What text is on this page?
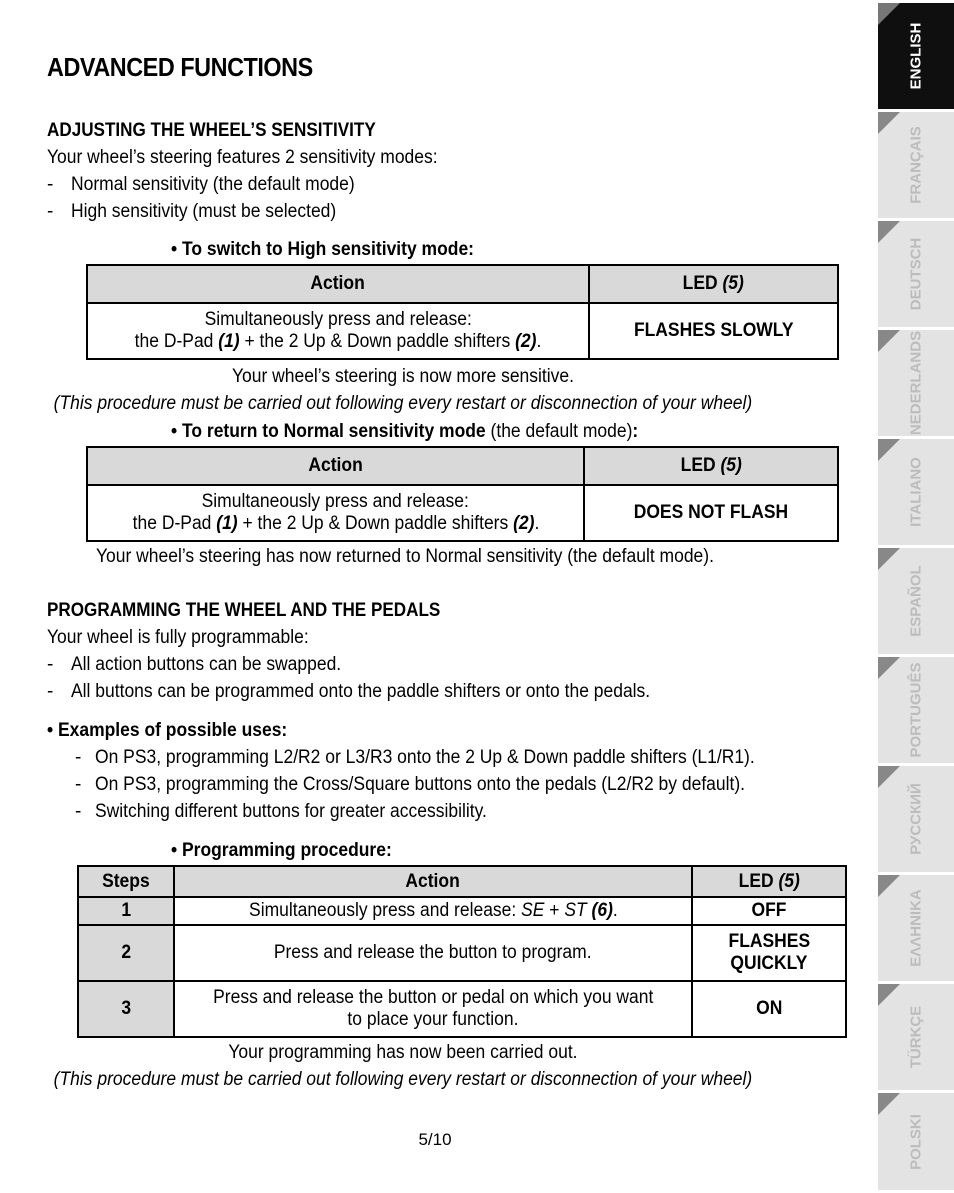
ADVANCED FUNCTIONS
ADJUSTING THE WHEEL’S SENSITIVITY
Your wheel’s steering features 2 sensitivity modes:
- Normal sensitivity (the default mode)
- High sensitivity (must be selected)
• To switch to High sensitivity mode:
Action	LED (5)
Simultaneously press and release:
the D-Pad (1) + the 2 Up & Down paddle shifters (2).	FLASHES SLOWLY
Your wheel’s steering is now more sensitive.
(This procedure must be carried out following every restart or disconnection of your wheel)
• To return to Normal sensitivity mode (the default mode):
Action	LED (5)
Simultaneously press and release:
the D-Pad (1) + the 2 Up & Down paddle shifters (2).	DOES NOT FLASH
Your wheel’s steering has now returned to Normal sensitivity (the default mode).
PROGRAMMING THE WHEEL AND THE PEDALS
Your wheel is fully programmable:
- All action buttons can be swapped.
- All buttons can be programmed onto the paddle shifters or onto the pedals.
• Examples of possible uses:
- On PS3, programming L2/R2 or L3/R3 onto the 2 Up & Down paddle shifters (L1/R1).
- On PS3, programming the Cross/Square buttons onto the pedals (L2/R2 by default).
- Switching different buttons for greater accessibility.
• Programming procedure:
Steps	Action	LED (5)
1	Simultaneously press and release: SE + ST (6).	OFF
2	Press and release the button to program.	FLASHES
QUICKLY
3	Press and release the button or pedal on which you want
to place your function.	ON
Your programming has now been carried out.
(This procedure must be carried out following every restart or disconnection of your wheel)
5/10
ENGLISH
FRANÇAIS
DEUTSCH
NEDERLANDS
ITALIANO
ESPAÑOL
PORTUGUÊS
РУССКИЙ
ΕΛΛΗΝΙΚΑ
TÜRKÇE
POLSKI
